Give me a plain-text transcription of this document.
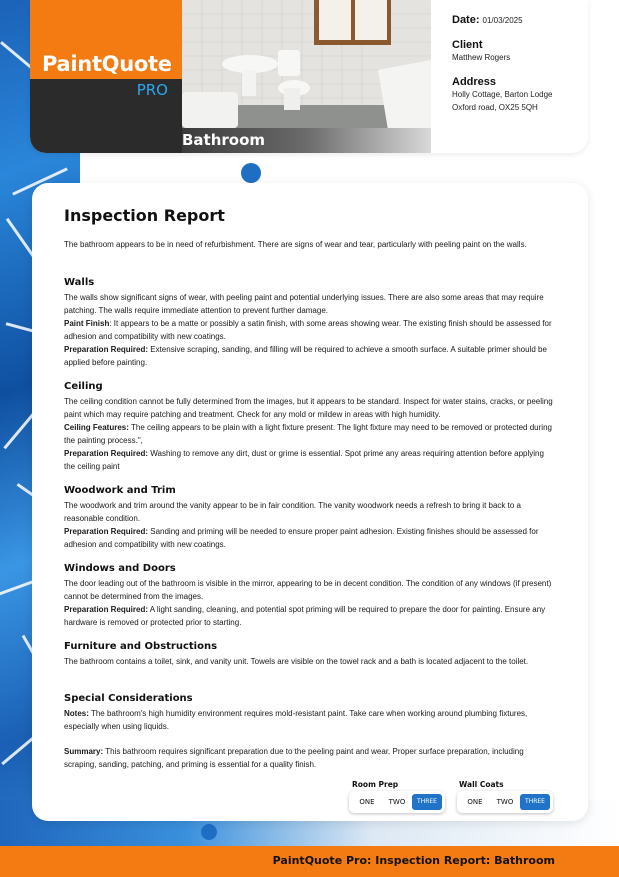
PaintQuote
PRO
Bathroom
Date: 01/03/2025
Client
Matthew Rogers
Address
Holly Cottage, Barton Lodge
Oxford road, OX25 5QH
Inspection Report

The bathroom appears to be in need of refurbishment. There are signs of wear and tear, particularly with peeling paint on the walls.

Walls
The walls show significant signs of wear, with peeling paint and potential underlying issues. There are also some areas that may require patching. The walls require immediate attention to prevent further damage.
Paint Finish: It appears to be a matte or possibly a satin finish, with some areas showing wear. The existing finish should be assessed for adhesion and compatibility with new coatings.
Preparation Required: Extensive scraping, sanding, and filling will be required to achieve a smooth surface. A suitable primer should be applied before painting.
Ceiling
The ceiling condition cannot be fully determined from the images, but it appears to be standard. Inspect for water stains, cracks, or peeling paint which may require patching and treatment. Check for any mold or mildew in areas with high humidity.
Ceiling Features: The ceiling appears to be plain with a light fixture present. The light fixture may need to be removed or protected during the painting process.",
Preparation Required: Washing to remove any dirt, dust or grime is essential. Spot prime any areas requiring attention before applying the ceiling paint
Woodwork and Trim
The woodwork and trim around the vanity appear to be in fair condition. The vanity woodwork needs a refresh to bring it back to a reasonable condition.
Preparation Required: Sanding and priming will be needed to ensure proper paint adhesion. Existing finishes should be assessed for adhesion and compatibility with new coatings.
Windows and Doors
The door leading out of the bathroom is visible in the mirror, appearing to be in decent condition. The condition of any windows (if present) cannot be determined from the images.
Preparation Required: A light sanding, cleaning, and potential spot priming will be required to prepare the door for painting. Ensure any hardware is removed or protected prior to starting.
Furniture and Obstructions

The bathroom contains a toilet, sink, and vanity unit. Towels are visible on the towel rack and a bath is located adjacent to the toilet.

Special Considerations
Notes: The bathroom's high humidity environment requires mold-resistant paint. Take care when working around plumbing fixtures, especially when using liquids.
Summary: This bathroom requires significant preparation due to the peeling paint and wear. Proper surface preparation, including scraping, sanding, patching, and priming is essential for a quality finish.
Room Prep
ONE	TWO	THREE
Wall Coats
ONE	TWO	THREE
PaintQuote Pro: Inspection Report: Bathroom
